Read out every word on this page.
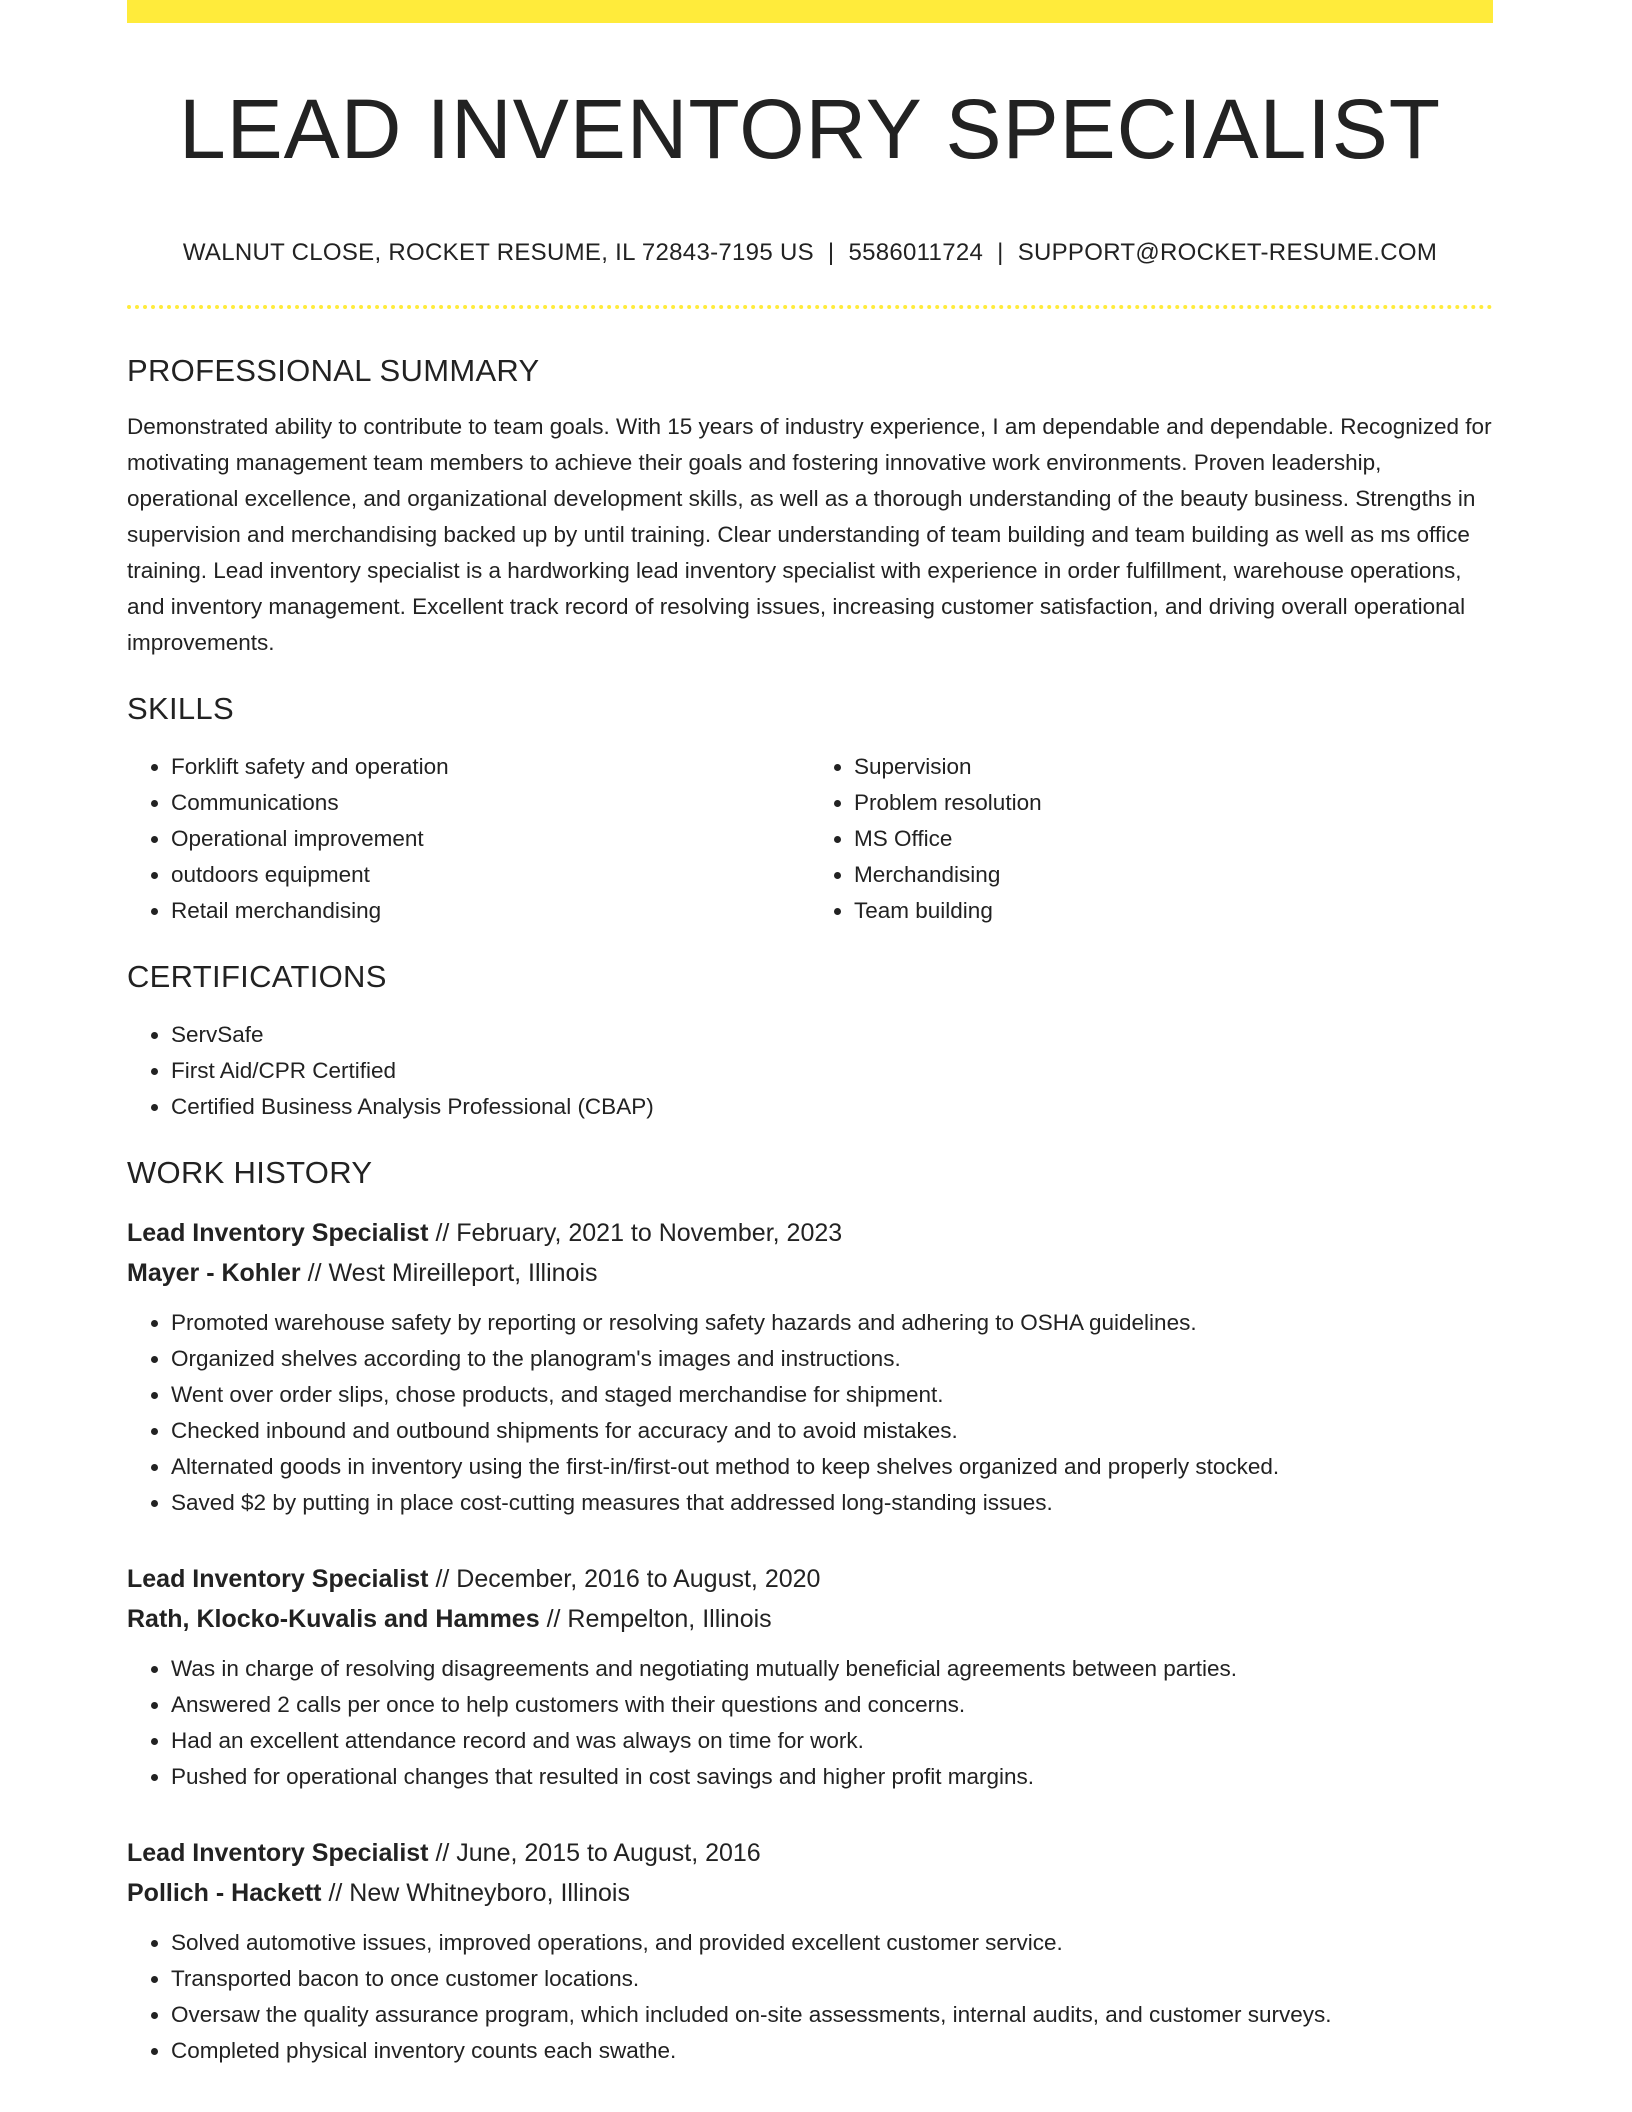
LEAD INVENTORY SPECIALIST
WALNUT CLOSE, ROCKET RESUME, IL 72843-7195 US | 5586011724 | SUPPORT@ROCKET-RESUME.COM
PROFESSIONAL SUMMARY
Demonstrated ability to contribute to team goals. With 15 years of industry experience, I am dependable and dependable. Recognized for motivating management team members to achieve their goals and fostering innovative work environments. Proven leadership, operational excellence, and organizational development skills, as well as a thorough understanding of the beauty business. Strengths in supervision and merchandising backed up by until training. Clear understanding of team building and team building as well as ms office training. Lead inventory specialist is a hardworking lead inventory specialist with experience in order fulfillment, warehouse operations, and inventory management. Excellent track record of resolving issues, increasing customer satisfaction, and driving overall operational improvements.
SKILLS
• Forklift safety and operation
• Communications
• Operational improvement
• outdoors equipment
• Retail merchandising
• Supervision
• Problem resolution
• MS Office
• Merchandising
• Team building
CERTIFICATIONS
• ServSafe
• First Aid/CPR Certified
• Certified Business Analysis Professional (CBAP)
WORK HISTORY
Lead Inventory Specialist // February, 2021 to November, 2023
Mayer - Kohler // West Mireilleport, Illinois
• Promoted warehouse safety by reporting or resolving safety hazards and adhering to OSHA guidelines.
• Organized shelves according to the planogram's images and instructions.
• Went over order slips, chose products, and staged merchandise for shipment.
• Checked inbound and outbound shipments for accuracy and to avoid mistakes.
• Alternated goods in inventory using the first-in/first-out method to keep shelves organized and properly stocked.
• Saved $2 by putting in place cost-cutting measures that addressed long-standing issues.
Lead Inventory Specialist // December, 2016 to August, 2020
Rath, Klocko-Kuvalis and Hammes // Rempelton, Illinois
• Was in charge of resolving disagreements and negotiating mutually beneficial agreements between parties.
• Answered 2 calls per once to help customers with their questions and concerns.
• Had an excellent attendance record and was always on time for work.
• Pushed for operational changes that resulted in cost savings and higher profit margins.
Lead Inventory Specialist // June, 2015 to August, 2016
Pollich - Hackett // New Whitneyboro, Illinois
• Solved automotive issues, improved operations, and provided excellent customer service.
• Transported bacon to once customer locations.
• Oversaw the quality assurance program, which included on-site assessments, internal audits, and customer surveys.
• Completed physical inventory counts each swathe.
